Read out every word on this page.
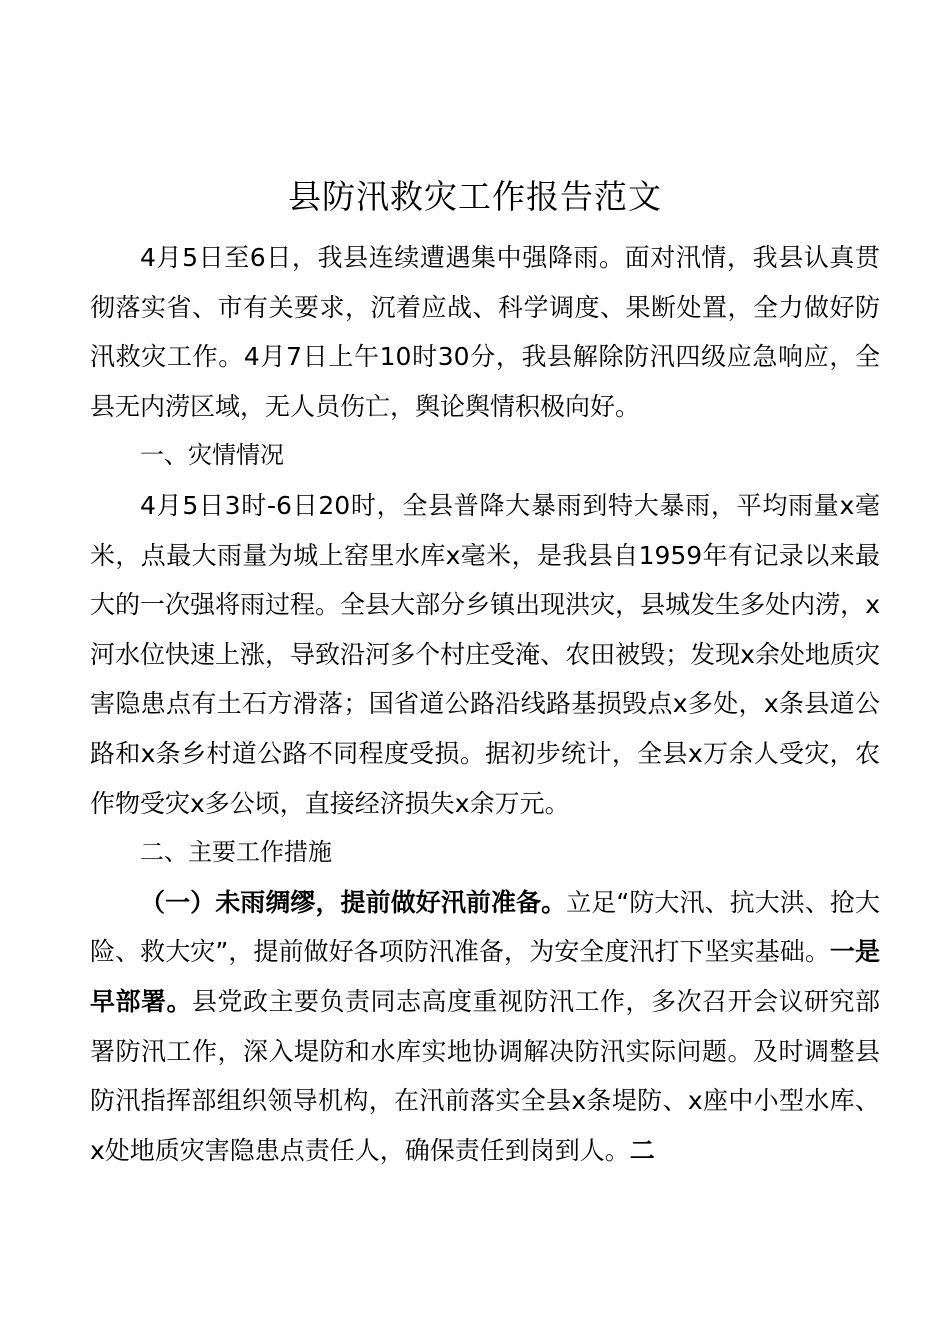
县防汛救灾工作报告范文

4月5日至6日，我县连续遭遇集中强降雨。面对汛情，我县认真贯彻落实省、市有关要求，沉着应战、科学调度、果断处置，全力做好防汛救灾工作。4月7日上午10时30分，我县解除防汛四级应急响应，全县无内涝区域，无人员伤亡，舆论舆情积极向好。

一、灾情情况

4月5日3时-6日20时，全县普降大暴雨到特大暴雨，平均雨量x毫米，点最大雨量为城上窑里水库x毫米，是我县自1959年有记录以来最大的一次强将雨过程。全县大部分乡镇出现洪灾，县城发生多处内涝，x河水位快速上涨，导致沿河多个村庄受淹、农田被毁；发现x余处地质灾害隐患点有土石方滑落；国省道公路沿线路基损毁点x多处，x条县道公路和x条乡村道公路不同程度受损。据初步统计，全县x万余人受灾，农作物受灾x多公顷，直接经济损失x余万元。

二、主要工作措施

（一）未雨绸缪，提前做好汛前准备。立足“防大汛、抗大洪、抢大险、救大灾”，提前做好各项防汛准备，为安全度汛打下坚实基础。一是早部署。县党政主要负责同志高度重视防汛工作，多次召开会议研究部署防汛工作，深入堤防和水库实地协调解决防汛实际问题。及时调整县防汛指挥部组织领导机构，在汛前落实全县x条堤防、x座中小型水库、x处地质灾害隐患点责任人，确保责任到岗到人。二
